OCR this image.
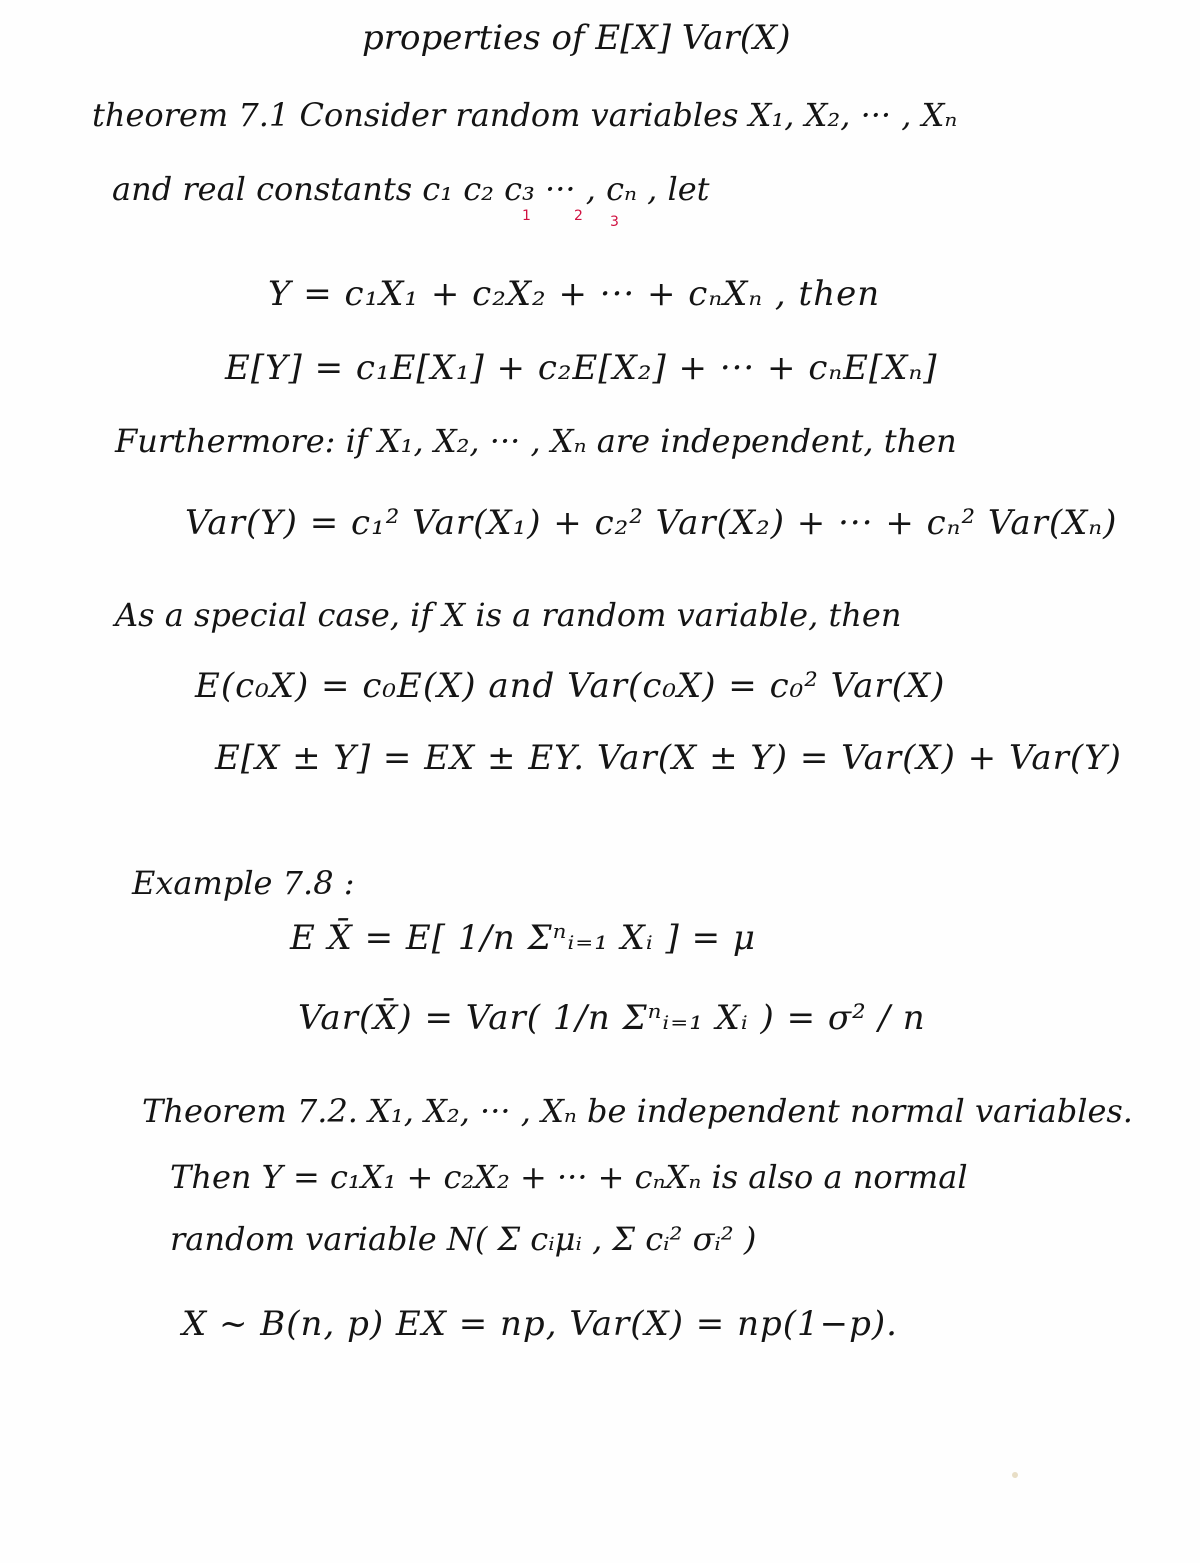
properties of E[X] Var(X)
theorem 7.1 Consider random variables X₁, X₂, ··· , Xₙ
and real constants c₁ c₂ c₃ ··· , cₙ , let
1	2 3
Y = c₁X₁ + c₂X₂ + ··· + cₙXₙ , then
E[Y] = c₁E[X₁] + c₂E[X₂] + ··· + cₙE[Xₙ]
Furthermore: if X₁, X₂, ··· , Xₙ are independent, then
Var(Y) = c₁² Var(X₁) + c₂² Var(X₂) + ··· + cₙ² Var(Xₙ)
As a special case, if X is a random variable, then
E(c₀X) = c₀E(X) and Var(c₀X) = c₀² Var(X)
E[X ± Y] = EX ± EY. Var(X ± Y) = Var(X) + Var(Y)
Example 7.8 :
E X̄ = E[ 1/n Σⁿᵢ₌₁ Xᵢ ] = μ
Var(X̄) = Var( 1/n Σⁿᵢ₌₁ Xᵢ ) = σ² / n
Theorem 7.2. X₁, X₂, ··· , Xₙ be independent normal variables.
Then Y = c₁X₁ + c₂X₂ + ··· + cₙXₙ is also a normal
random variable N( Σ cᵢμᵢ , Σ cᵢ² σᵢ² )
X ~ B(n, p) EX = np, Var(X) = np(1−p).
